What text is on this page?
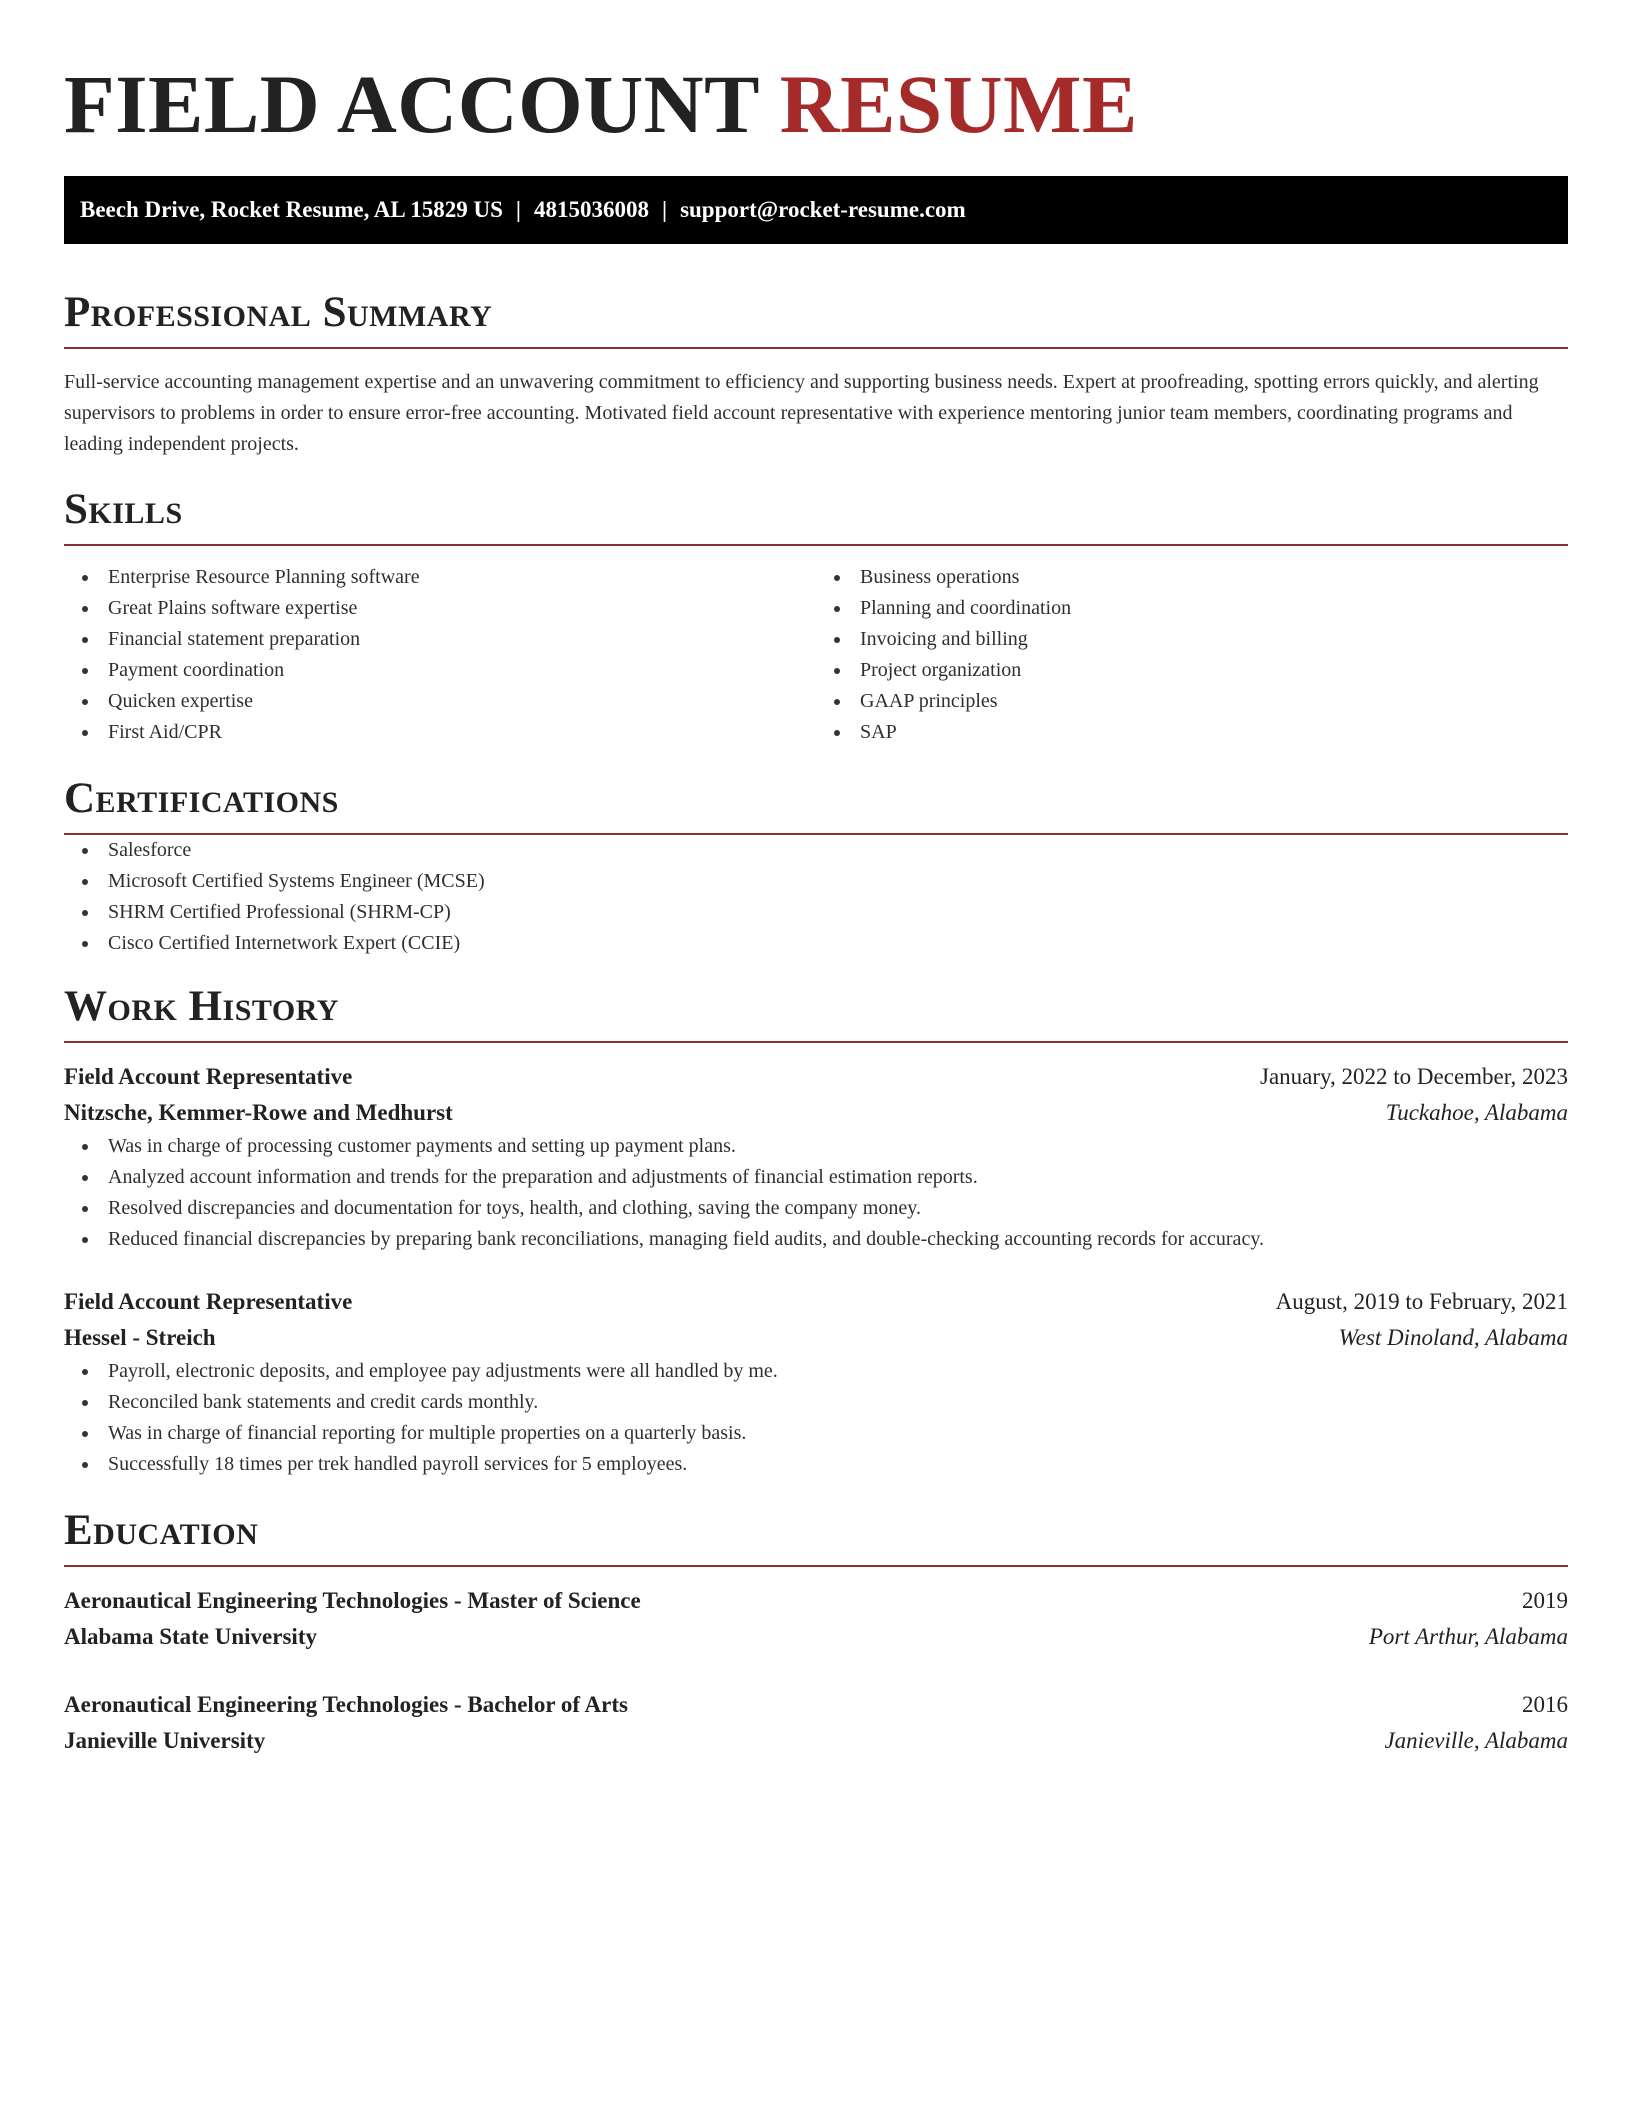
FIELD ACCOUNT RESUME
Beech Drive, Rocket Resume, AL 15829 US | 4815036008 | support@rocket-resume.com
Professional Summary

Full-service accounting management expertise and an unwavering commitment to efficiency and supporting business needs. Expert at proofreading, spotting errors quickly, and alerting supervisors to problems in order to ensure error-free accounting. Motivated field account representative with experience mentoring junior team members, coordinating programs and leading independent projects.

Skills
Enterprise Resource Planning software
Great Plains software expertise
Financial statement preparation
Payment coordination
Quicken expertise
First Aid/CPR
Business operations
Planning and coordination
Invoicing and billing
Project organization
GAAP principles
SAP
Certifications
Salesforce
Microsoft Certified Systems Engineer (MCSE)
SHRM Certified Professional (SHRM-CP)
Cisco Certified Internetwork Expert (CCIE)
Work History
Field Account Representative	January, 2022 to December, 2023
Nitzsche, Kemmer-Rowe and Medhurst	Tuckahoe, Alabama
Was in charge of processing customer payments and setting up payment plans.
Analyzed account information and trends for the preparation and adjustments of financial estimation reports.
Resolved discrepancies and documentation for toys, health, and clothing, saving the company money.
Reduced financial discrepancies by preparing bank reconciliations, managing field audits, and double-checking accounting records for accuracy.
Field Account Representative	August, 2019 to February, 2021
Hessel - Streich	West Dinoland, Alabama
Payroll, electronic deposits, and employee pay adjustments were all handled by me.
Reconciled bank statements and credit cards monthly.
Was in charge of financial reporting for multiple properties on a quarterly basis.
Successfully 18 times per trek handled payroll services for 5 employees.
Education
Aeronautical Engineering Technologies - Master of Science	2019
Alabama State University	Port Arthur, Alabama
Aeronautical Engineering Technologies - Bachelor of Arts	2016
Janieville University	Janieville, Alabama
